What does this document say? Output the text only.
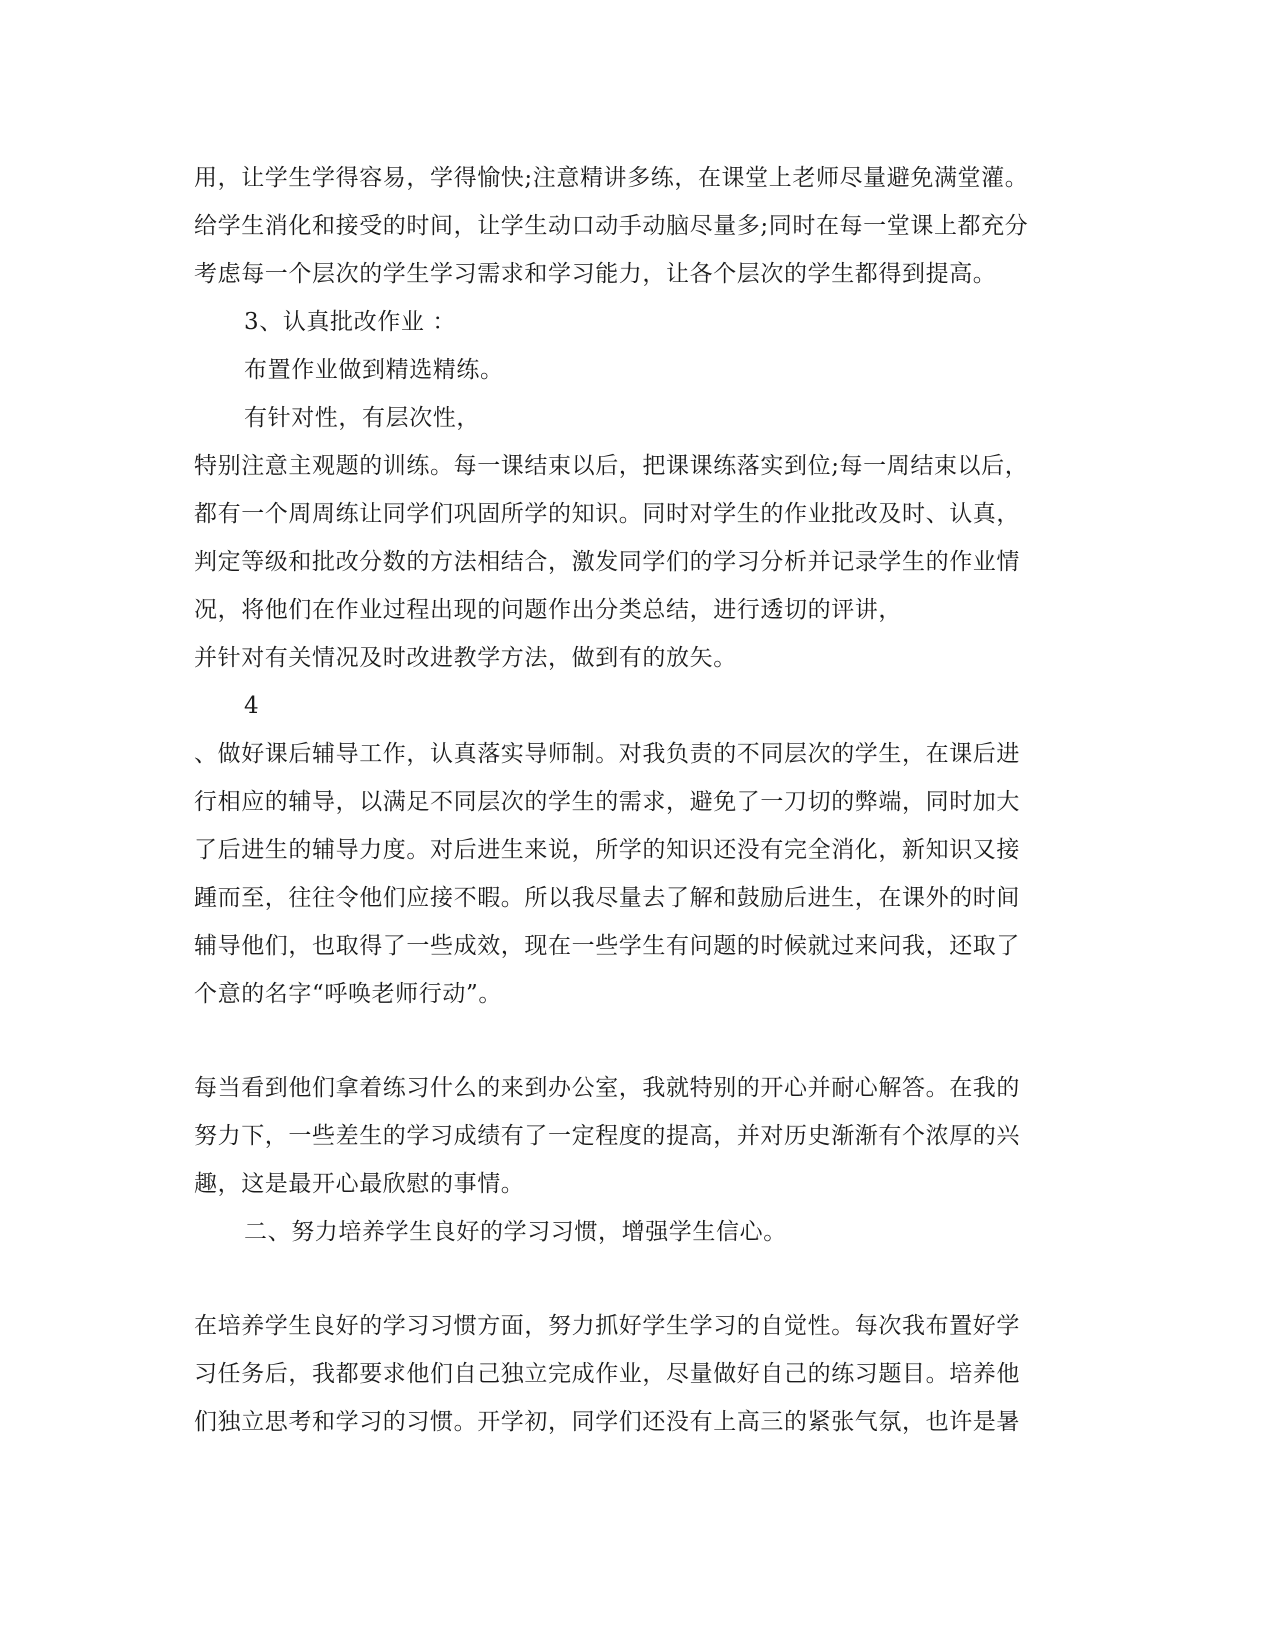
用，让学生学得容易，学得愉快;注意精讲多练，在课堂上老师尽量避免满堂灌。
给学生消化和接受的时间，让学生动口动手动脑尽量多;同时在每一堂课上都充分
考虑每一个层次的学生学习需求和学习能力，让各个层次的学生都得到提高。
3、认真批改作业 ：
布置作业做到精选精练。
有针对性，有层次性，
特别注意主观题的训练。每一课结束以后，把课课练落实到位;每一周结束以后，
都有一个周周练让同学们巩固所学的知识。同时对学生的作业批改及时、认真，
判定等级和批改分数的方法相结合，激发同学们的学习分析并记录学生的作业情
况，将他们在作业过程出现的问题作出分类总结，进行透切的评讲，
并针对有关情况及时改进教学方法，做到有的放矢。
4
、做好课后辅导工作，认真落实导师制。对我负责的不同层次的学生，在课后进
行相应的辅导，以满足不同层次的学生的需求，避免了一刀切的弊端，同时加大
了后进生的辅导力度。对后进生来说，所学的知识还没有完全消化，新知识又接
踵而至，往往令他们应接不暇。所以我尽量去了解和鼓励后进生，在课外的时间
辅导他们，也取得了一些成效，现在一些学生有问题的时候就过来问我，还取了
个意的名字“呼唤老师行动”。
每当看到他们拿着练习什么的来到办公室，我就特别的开心并耐心解答。在我的
努力下，一些差生的学习成绩有了一定程度的提高，并对历史渐渐有个浓厚的兴
趣，这是最开心最欣慰的事情。
二、努力培养学生良好的学习习惯，增强学生信心。
在培养学生良好的学习习惯方面，努力抓好学生学习的自觉性。每次我布置好学
习任务后，我都要求他们自己独立完成作业，尽量做好自己的练习题目。培养他
们独立思考和学习的习惯。开学初，同学们还没有上高三的紧张气氛，也许是暑
